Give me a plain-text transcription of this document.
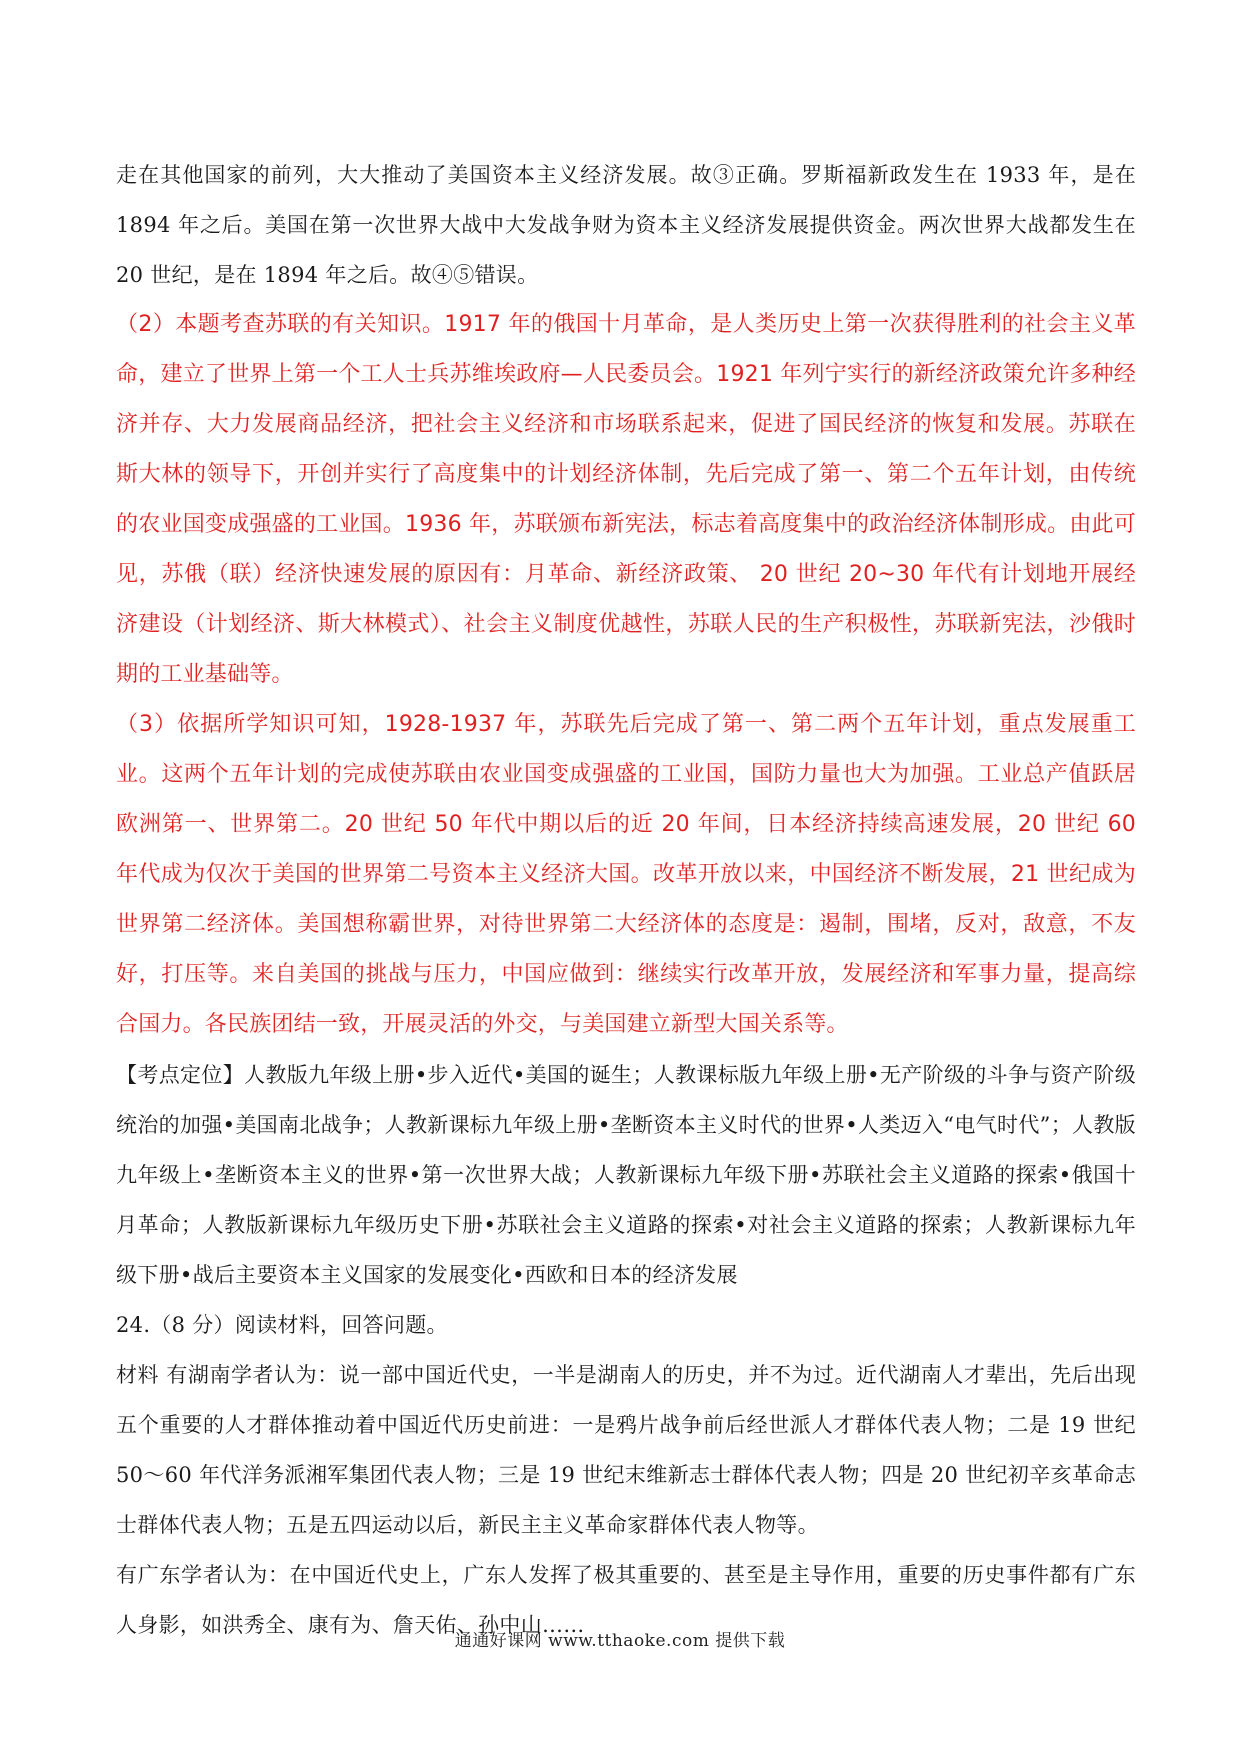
走在其他国家的前列，大大推动了美国资本主义经济发展。故③正确。罗斯福新政发生在 1933 年，是在 1894 年之后。美国在第一次世界大战中大发战争财为资本主义经济发展提供资金。两次世界大战都发生在 20 世纪，是在 1894 年之后。故④⑤错误。

（2）本题考查苏联的有关知识。1917 年的俄国十月革命，是人类历史上第一次获得胜利的社会主义革命，建立了世界上第一个工人士兵苏维埃政府—人民委员会。1921 年列宁实行的新经济政策允许多种经济并存、大力发展商品经济，把社会主义经济和市场联系起来，促进了国民经济的恢复和发展。苏联在斯大林的领导下，开创并实行了高度集中的计划经济体制，先后完成了第一、第二个五年计划，由传统的农业国变成强盛的工业国。1936 年，苏联颁布新宪法，标志着高度集中的政治经济体制形成。由此可见，苏俄（联）经济快速发展的原因有：月革命、新经济政策、 20 世纪 20~30 年代有计划地开展经济建设（计划经济、斯大林模式）、社会主义制度优越性，苏联人民的生产积极性，苏联新宪法，沙俄时期的工业基础等。

（3）依据所学知识可知，1928-1937 年，苏联先后完成了第一、第二两个五年计划，重点发展重工业。这两个五年计划的完成使苏联由农业国变成强盛的工业国，国防力量也大为加强。工业总产值跃居欧洲第一、世界第二。20 世纪 50 年代中期以后的近 20 年间，日本经济持续高速发展，20 世纪 60 年代成为仅次于美国的世界第二号资本主义经济大国。改革开放以来，中国经济不断发展，21 世纪成为世界第二经济体。美国想称霸世界，对待世界第二大经济体的态度是：遏制，围堵，反对，敌意，不友好，打压等。来自美国的挑战与压力，中国应做到：继续实行改革开放，发展经济和军事力量，提高综合国力。各民族团结一致，开展灵活的外交，与美国建立新型大国关系等。

【考点定位】人教版九年级上册•步入近代•美国的诞生；人教课标版九年级上册•无产阶级的斗争与资产阶级统治的加强•美国南北战争；人教新课标九年级上册•垄断资本主义时代的世界•人类迈入“电气时代”；人教版九年级上•垄断资本主义的世界•第一次世界大战；人教新课标九年级下册•苏联社会主义道路的探索•俄国十月革命；人教版新课标九年级历史下册•苏联社会主义道路的探索•对社会主义道路的探索；人教新课标九年级下册•战后主要资本主义国家的发展变化•西欧和日本的经济发展

24.（8 分）阅读材料，回答问题。

材料 有湖南学者认为：说一部中国近代史，一半是湖南人的历史，并不为过。近代湖南人才辈出，先后出现五个重要的人才群体推动着中国近代历史前进：一是鸦片战争前后经世派人才群体代表人物；二是 19 世纪 50～60 年代洋务派湘军集团代表人物；三是 19 世纪末维新志士群体代表人物；四是 20 世纪初辛亥革命志士群体代表人物；五是五四运动以后，新民主主义革命家群体代表人物等。

有广东学者认为：在中国近代史上，广东人发挥了极其重要的、甚至是主导作用，重要的历史事件都有广东人身影，如洪秀全、康有为、詹天佑、孙中山……

通通好课网 www.tthaoke.com 提供下载
